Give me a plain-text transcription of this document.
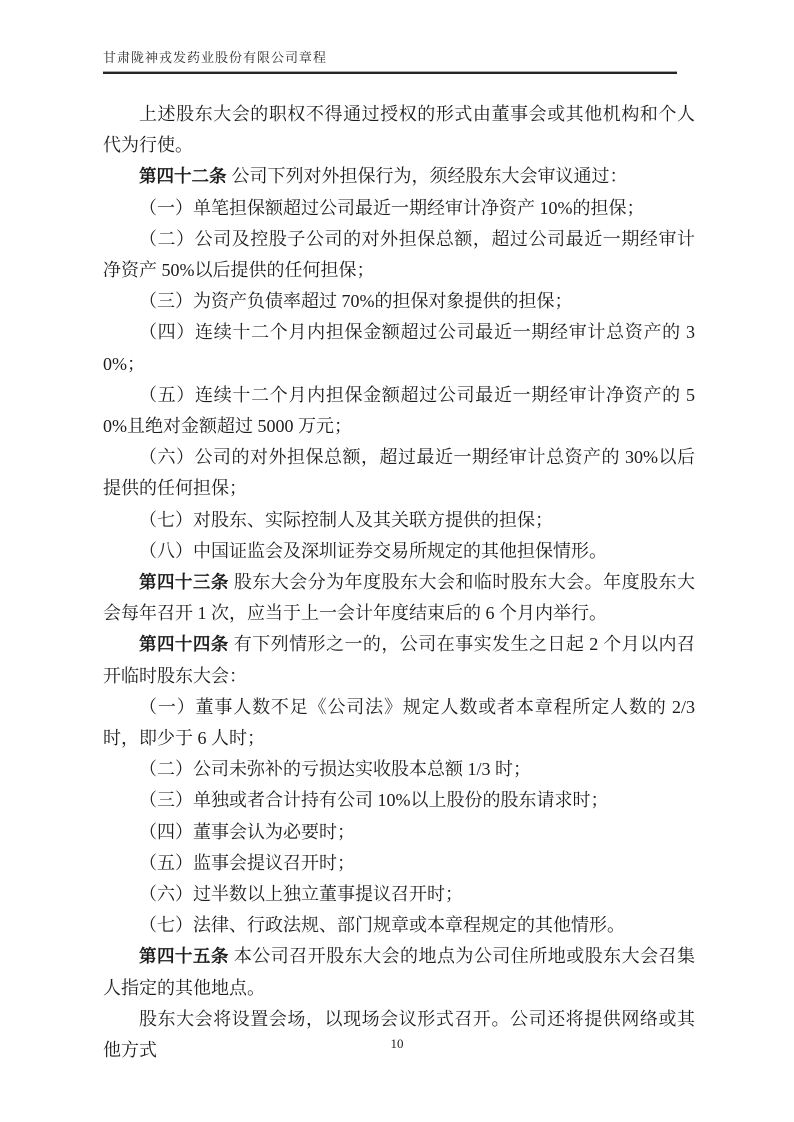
甘肃陇神戎发药业股份有限公司章程

上述股东大会的职权不得通过授权的形式由董事会或其他机构和个人代为行使。

第四十二条 公司下列对外担保行为，须经股东大会审议通过：

（一）单笔担保额超过公司最近一期经审计净资产 10%的担保；

（二）公司及控股子公司的对外担保总额，超过公司最近一期经审计净资产 50%以后提供的任何担保；

（三）为资产负债率超过 70%的担保对象提供的担保；

（四）连续十二个月内担保金额超过公司最近一期经审计总资产的 30%；

（五）连续十二个月内担保金额超过公司最近一期经审计净资产的 50%且绝对金额超过 5000 万元；

（六）公司的对外担保总额，超过最近一期经审计总资产的 30%以后提供的任何担保；

（七）对股东、实际控制人及其关联方提供的担保；

（八）中国证监会及深圳证券交易所规定的其他担保情形。

第四十三条 股东大会分为年度股东大会和临时股东大会。年度股东大会每年召开 1 次，应当于上一会计年度结束后的 6 个月内举行。

第四十四条 有下列情形之一的，公司在事实发生之日起 2 个月以内召开临时股东大会：

（一）董事人数不足《公司法》规定人数或者本章程所定人数的 2/3 时，即少于 6 人时；

（二）公司未弥补的亏损达实收股本总额 1/3 时；

（三）单独或者合计持有公司 10%以上股份的股东请求时；

（四）董事会认为必要时；

（五）监事会提议召开时；

（六）过半数以上独立董事提议召开时；

（七）法律、行政法规、部门规章或本章程规定的其他情形。

第四十五条 本公司召开股东大会的地点为公司住所地或股东大会召集人指定的其他地点。

股东大会将设置会场，以现场会议形式召开。公司还将提供网络或其他方式	10
